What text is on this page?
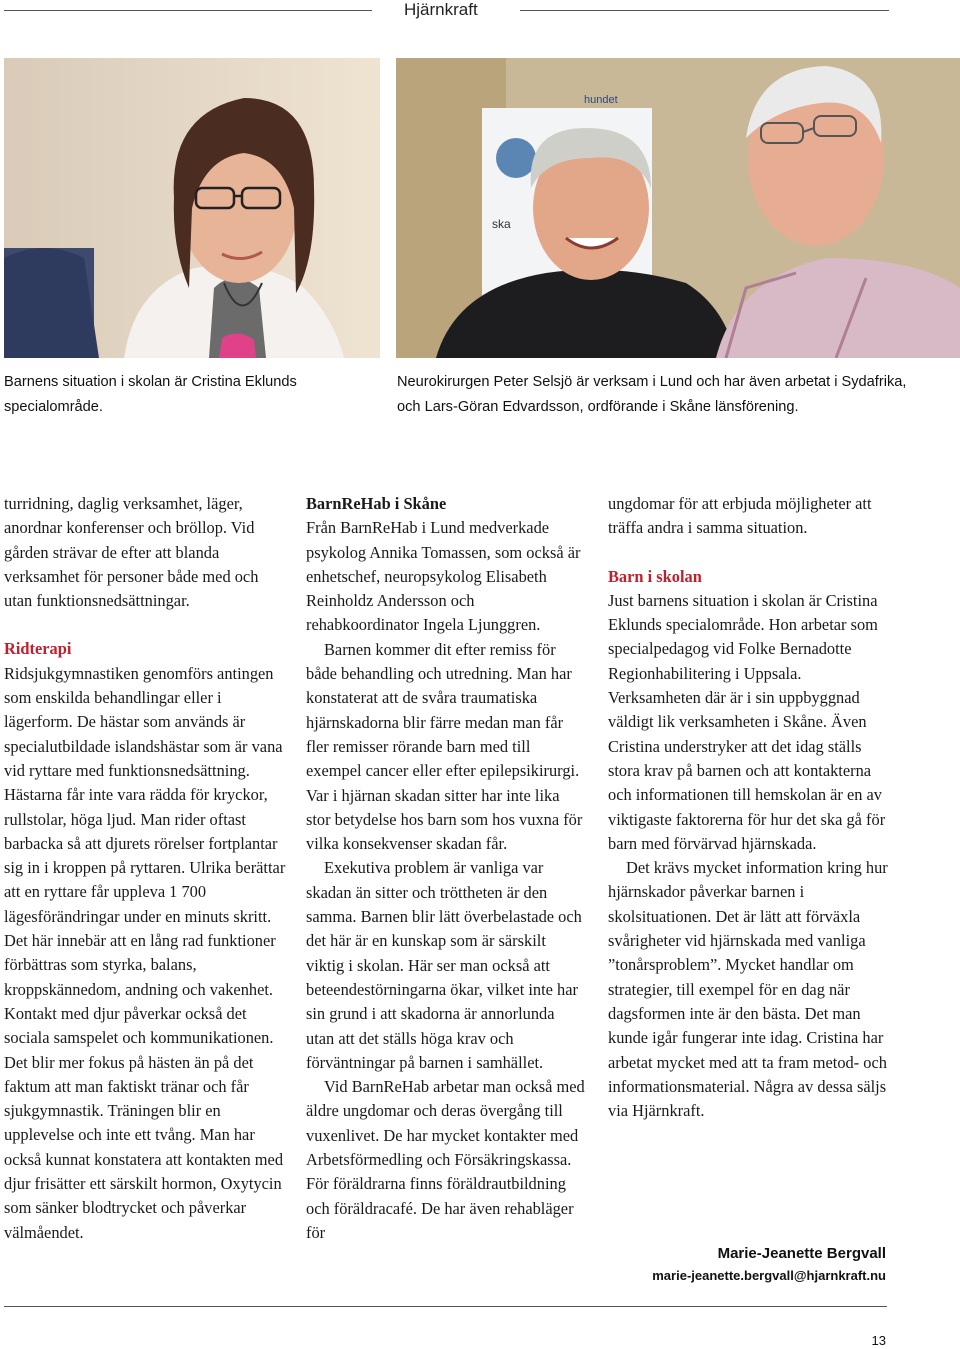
Hjärnkraft
hundet
ska
Barnens situation i skolan är Cristina Eklunds specialområde.
Neurokirurgen Peter Selsjö är verksam i Lund och har även arbetat i Sydafrika, och Lars-Göran Edvardsson, ordförande i Skåne länsförening.

turridning, daglig verksamhet, läger, anordnar konferenser och bröllop. Vid gården strävar de efter att blanda verksamhet för personer både med och utan funktionsnedsättningar.

Ridterapi

Ridsjukgymnastiken genomförs antingen som enskilda behandlingar eller i lägerform. De hästar som används är specialutbildade islandshästar som är vana vid ryttare med funktionsnedsättning. Hästarna får inte vara rädda för kryckor, rullstolar, höga ljud. Man rider oftast barbacka så att djurets rörelser fortplantar sig in i kroppen på ryttaren. Ulrika berättar att en ryttare får uppleva 1 700 lägesförändringar under en minuts skritt. Det här innebär att en lång rad funktioner förbättras som styrka, balans, kroppskännedom, andning och vakenhet. Kontakt med djur påverkar också det sociala samspelet och kommunikationen. Det blir mer fokus på hästen än på det faktum att man faktiskt tränar och får sjukgymnastik. Träningen blir en upplevelse och inte ett tvång. Man har också kunnat konstatera att kontakten med djur frisätter ett särskilt hormon, Oxytycin som sänker blodtrycket och påverkar välmåendet.

BarnReHab i Skåne

Från BarnReHab i Lund medverkade psykolog Annika Tomassen, som också är enhetschef, neuropsykolog Elisabeth Reinholdz Andersson och rehabkoordinator Ingela Ljunggren.

Barnen kommer dit efter remiss för både behandling och utredning. Man har konstaterat att de svåra traumatiska hjärnskadorna blir färre medan man får fler remisser rörande barn med till exempel cancer eller efter epilepsikirurgi. Var i hjärnan skadan sitter har inte lika stor betydelse hos barn som hos vuxna för vilka konsekvenser skadan får.

Exekutiva problem är vanliga var skadan än sitter och tröttheten är den samma. Barnen blir lätt överbelastade och det här är en kunskap som är särskilt viktig i skolan. Här ser man också att beteendestörningarna ökar, vilket inte har sin grund i att skadorna är annorlunda utan att det ställs höga krav och förväntningar på barnen i samhället.

Vid BarnReHab arbetar man också med äldre ungdomar och deras övergång till vuxenlivet. De har mycket kontakter med Arbetsförmedling och Försäkringskassa. För föräldrarna finns föräldrautbildning och föräldracafé. De har även rehabläger för

ungdomar för att erbjuda möjligheter att träffa andra i samma situation.

Barn i skolan

Just barnens situation i skolan är Cristina Eklunds specialområde. Hon arbetar som specialpedagog vid Folke Bernadotte Regionhabilitering i Uppsala. Verksamheten där är i sin uppbyggnad väldigt lik verksamheten i Skåne. Även Cristina understryker att det idag ställs stora krav på barnen och att kontakterna och informationen till hemskolan är en av viktigaste faktorerna för hur det ska gå för barn med förvärvad hjärnskada.

Det krävs mycket information kring hur hjärnskador påverkar barnen i skolsituationen. Det är lätt att förväxla svårigheter vid hjärnskada med vanliga ”tonårsproblem”. Mycket handlar om strategier, till exempel för en dag när dagsformen inte är den bästa. Det man kunde igår fungerar inte idag. Cristina har arbetat mycket med att ta fram metod- och informationsmaterial. Några av dessa säljs via Hjärnkraft.

Marie-Jeanette Bergvall
marie-jeanette.bergvall@hjarnkraft.nu
13
